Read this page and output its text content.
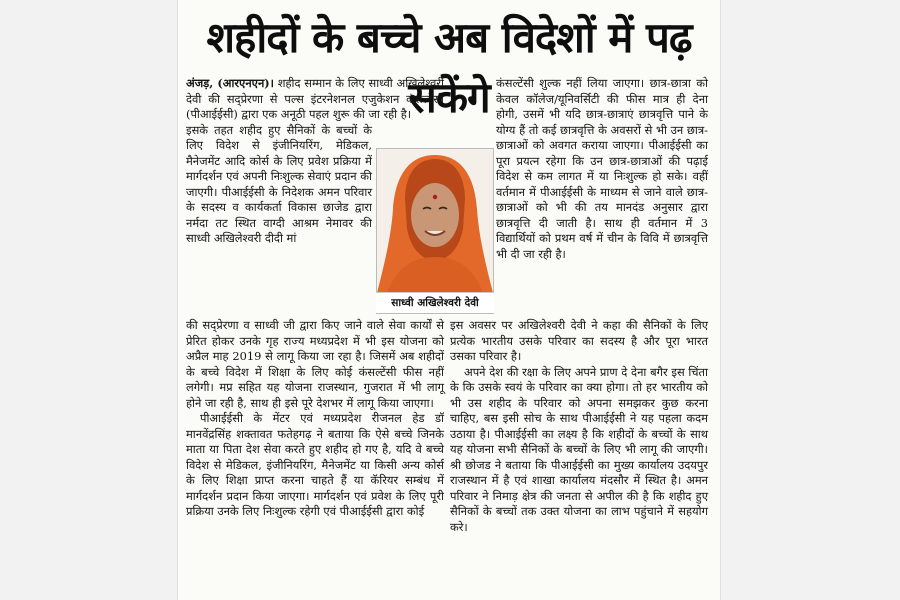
शहीदों के बच्चे अब विदेशों में पढ़ सकेंगे

अंजड़, (आरएनएन)। शहीद सम्मान के लिए साध्वी अखिलेश्वरी देवी की सद्प्रेरणा से पल्स इंटरनेशनल एजुकेशन कंसल्टेंसी (पीआईईसी) द्वारा एक अनूठी पहल शुरू की जा रही है।

इसके तहत शहीद हुए सैनिकों के बच्चों के लिए विदेश से इंजीनियरिंग, मेडिकल, मैनेजमेंट आदि कोर्स के लिए प्रवेश प्रक्रिया में मार्गदर्शन एवं अपनी निःशुल्क सेवाएं प्रदान की जाएगी। पीआईईसी के निदेशक अमन परिवार के सदस्य व कार्यकर्ता विकास छाजेड द्वारा नर्मदा तट स्थित वाग्दी आश्रम नेमावर की साध्वी अखिलेश्वरी दीदी मां

साध्वी अखिलेश्वरी देवी

की सद्प्रेरणा व साध्वी जी द्वारा किए जाने वाले सेवा कार्यों से प्रेरित होकर उनके गृह राज्य मध्यप्रदेश में भी इस योजना को अप्रैल माह 2019 से लागू किया जा रहा है। जिसमें अब शहीदों के बच्चे विदेश में शिक्षा के लिए कोई कंसल्टेंसी फीस नहीं लगेगी। मप्र सहित यह योजना राजस्थान, गुजरात में भी लागू होने जा रही है, साथ ही इसे पूरे देशभर में लागू किया जाएगा।

पीआईईसी के मेंटर एवं मध्यप्रदेश रीजनल हेड डॉ मानवेंद्रसिंह शक्तावत फतेहगढ़ ने बताया कि ऐसे बच्चे जिनके माता या पिता देश सेवा करते हुए शहीद हो गए है, यदि वे बच्चे विदेश से मेडिकल, इंजीनियरिंग, मैनेजमेंट या किसी अन्य कोर्स के लिए शिक्षा प्राप्त करना चाहते हैं या कॅरियर सम्बंध में मार्गदर्शन प्रदान किया जाएगा। मार्गदर्शन एवं प्रवेश के लिए पूरी प्रक्रिया उनके लिए निःशुल्क रहेगी एवं पीआईईसी द्वारा कोई

कंसल्टेंसी शुल्क नहीं लिया जाएगा। छात्र-छात्रा को केवल कॉलेज/यूनिवर्सिटी की फीस मात्र ही देना होगी, उसमें भी यदि छात्र-छात्राएं छात्रवृत्ति पाने के योग्य हैं तो कई छात्रवृत्ति के अवसरों से भी उन छात्र-छात्राओं को अवगत कराया जाएगा। पीआईईसी का पूरा प्रयत्न रहेगा कि उन छात्र-छात्राओं की पढ़ाई विदेश से कम लागत में या निःशुल्क हो सके। वहीं वर्तमान में पीआईईसी के माध्यम से जाने वाले छात्र-छात्राओं को भी की तय मानदंड अनुसार द्वारा छात्रवृत्ति दी जाती है। साथ ही वर्तमान में 3 विद्यार्थियों को प्रथम वर्ष में चीन के विवि में छात्रवृत्ति भी दी जा रही है।

इस अवसर पर अखिलेश्वरी देवी ने कहा की सैनिकों के लिए प्रत्येक भारतीय उसके परिवार का सदस्य है और पूरा भारत उसका परिवार है।

अपने देश की रक्षा के लिए अपने प्राण दे देना बगैर इस चिंता के कि उसके स्वयं के परिवार का क्या होगा। तो हर भारतीय को भी उस शहीद के परिवार को अपना समझकर कुछ करना चाहिए, बस इसी सोच के साथ पीआईईसी ने यह पहला कदम उठाया है। पीआईईसी का लक्ष्य है कि शहीदों के बच्चों के साथ यह योजना सभी सैनिकों के बच्चों के लिए भी लागू की जाएगी। श्री छोजड ने बताया कि पीआईईसी का मुख्य कार्यालय उदयपुर राजस्थान में है एवं शाखा कार्यालय मंदसौर में स्थित है। अमन परिवार ने निमाड़ क्षेत्र की जनता से अपील की है कि शहीद हुए सैनिकों के बच्चों तक उक्त योजना का लाभ पहुंचाने में सहयोग करे।
